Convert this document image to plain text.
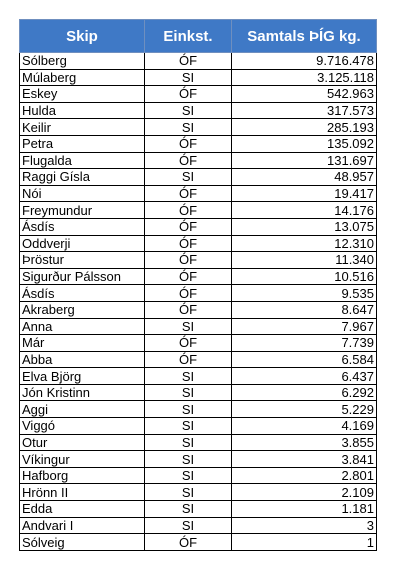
Skip	Einkst.	Samtals ÞÍG kg.
Sólberg	ÓF	9.716.478
Múlaberg	SI	3.125.118
Eskey	ÓF	542.963
Hulda	SI	317.573
Keilir	SI	285.193
Petra	ÓF	135.092
Flugalda	ÓF	131.697
Raggi Gísla	SI	48.957
Nói	ÓF	19.417
Freymundur	ÓF	14.176
Ásdís	ÓF	13.075
Oddverji	ÓF	12.310
Þröstur	ÓF	11.340
Sigurður Pálsson	ÓF	10.516
Ásdís	ÓF	9.535
Akraberg	ÓF	8.647
Anna	SI	7.967
Már	ÓF	7.739
Abba	ÓF	6.584
Elva Björg	SI	6.437
Jón Kristinn	SI	6.292
Aggi	SI	5.229
Viggó	SI	4.169
Otur	SI	3.855
Víkingur	SI	3.841
Hafborg	SI	2.801
Hrönn II	SI	2.109
Edda	SI	1.181
Andvari I	SI	3
Sólveig	ÓF	1
